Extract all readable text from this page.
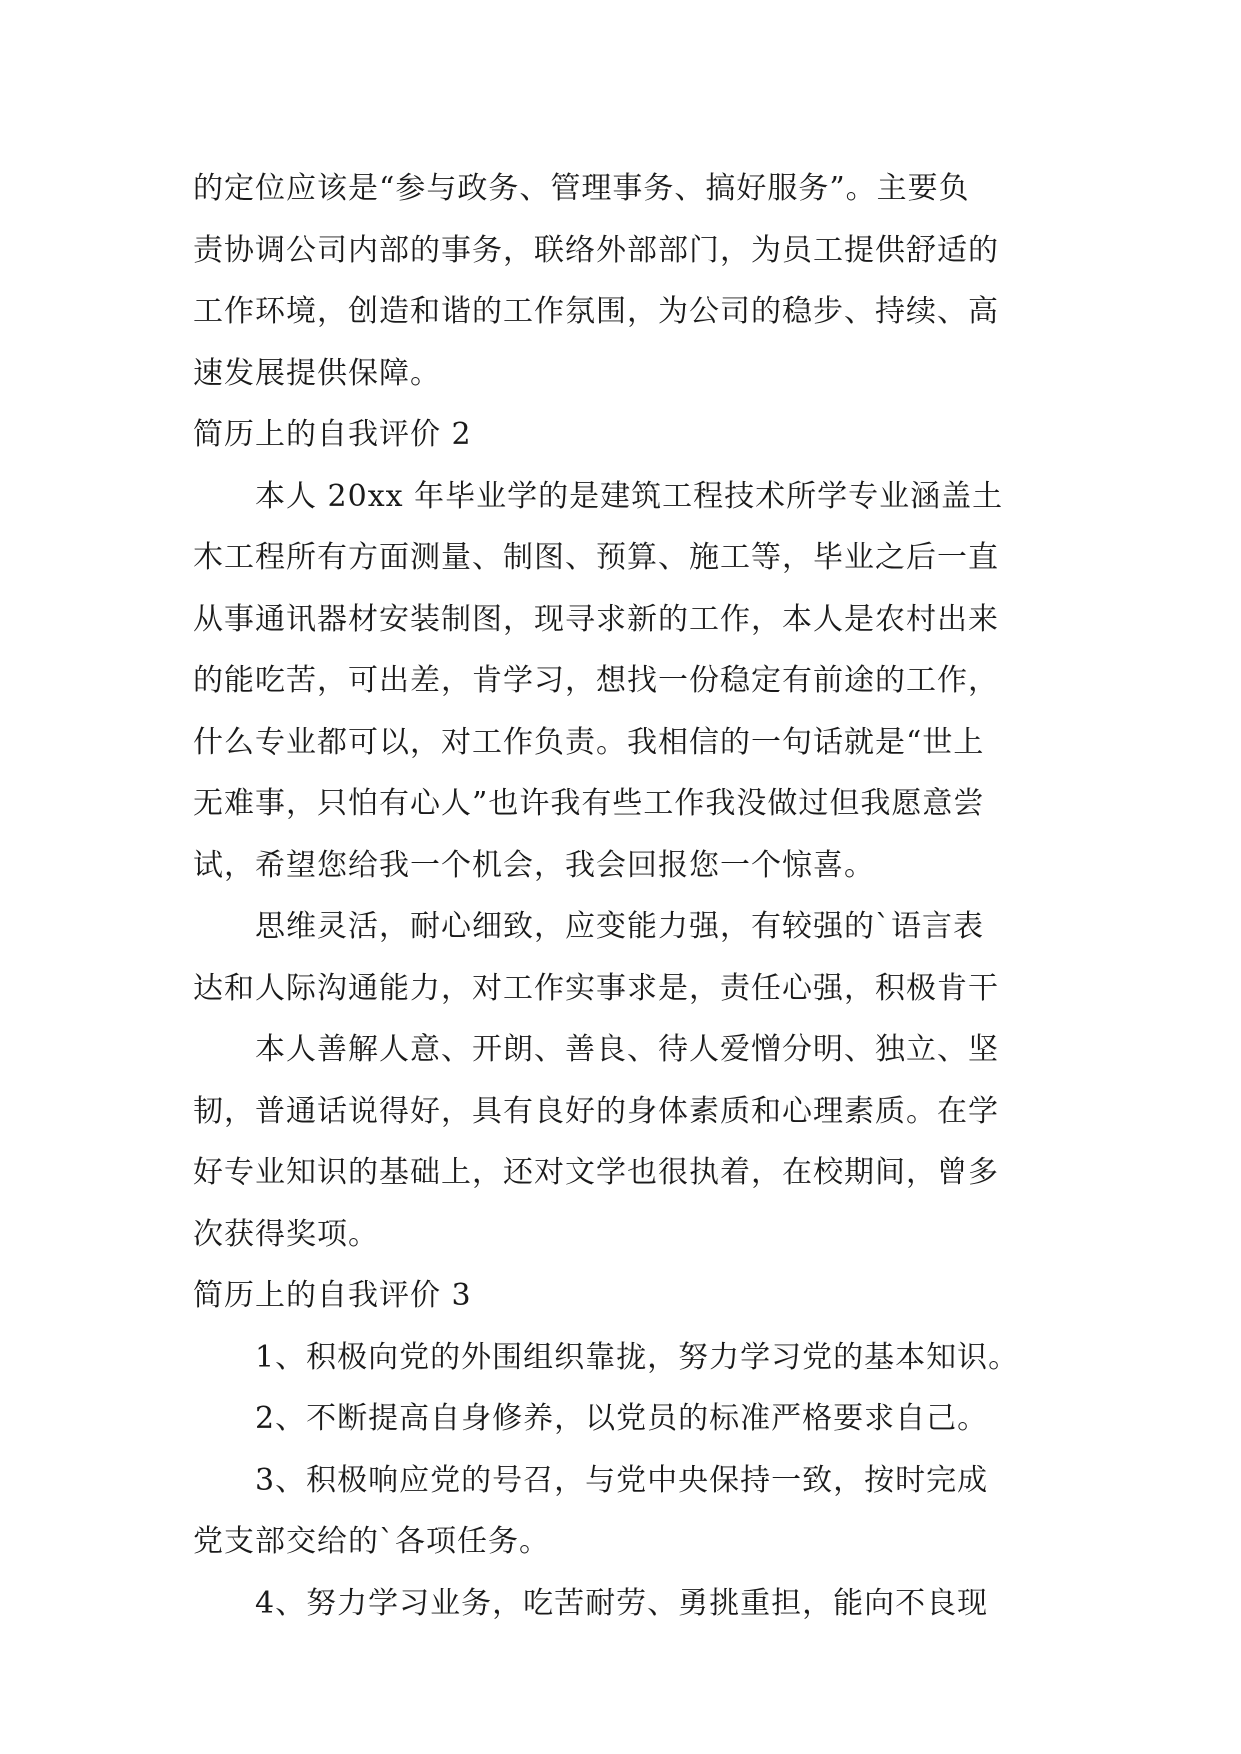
的定位应该是“参与政务、管理事务、搞好服务”。主要负
责协调公司内部的事务，联络外部部门，为员工提供舒适的
工作环境，创造和谐的工作氛围，为公司的稳步、持续、高
速发展提供保障。

简历上的自我评价 2

本人 20xx 年毕业学的是建筑工程技术所学专业涵盖土
木工程所有方面测量、制图、预算、施工等，毕业之后一直
从事通讯器材安装制图，现寻求新的工作，本人是农村出来
的能吃苦，可出差，肯学习，想找一份稳定有前途的工作，
什么专业都可以，对工作负责。我相信的一句话就是“世上
无难事，只怕有心人”也许我有些工作我没做过但我愿意尝
试，希望您给我一个机会，我会回报您一个惊喜。

思维灵活，耐心细致，应变能力强，有较强的`语言表
达和人际沟通能力，对工作实事求是，责任心强，积极肯干

本人善解人意、开朗、善良、待人爱憎分明、独立、坚
韧，普通话说得好，具有良好的身体素质和心理素质。在学
好专业知识的基础上，还对文学也很执着，在校期间，曾多
次获得奖项。

简历上的自我评价 3

1、积极向党的外围组织靠拢，努力学习党的基本知识。

2、不断提高自身修养，以党员的标准严格要求自己。

3、积极响应党的号召，与党中央保持一致，按时完成
党支部交给的`各项任务。

4、努力学习业务，吃苦耐劳、勇挑重担，能向不良现
